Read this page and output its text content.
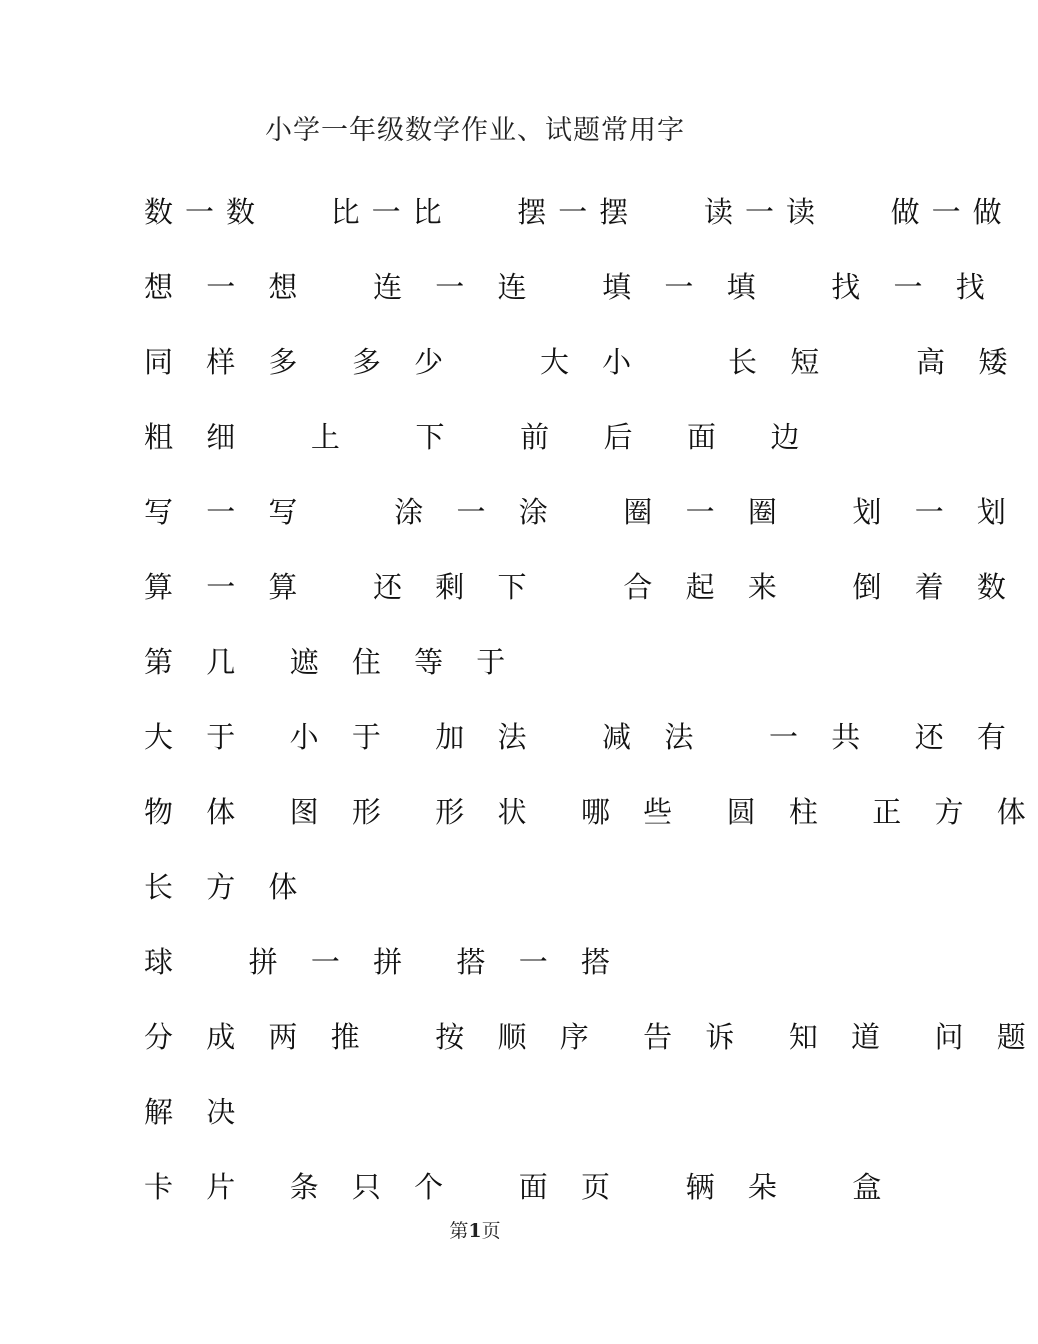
小学一年级数学作业、试题常用字
数一数   比一比   摆一摆   读一读   做一做
想 一 想   连 一 连   填 一 填   找 一 找
同 样 多  多 少    大 小    长 短    高 矮
粗 细   上   下   前  后  面  边
写 一 写    涂 一 涂   圈 一 圈   划 一 划
算 一 算   还 剩 下    合 起 来   倒 着 数
第 几  遮 住 等 于
大 于  小 于  加 法   减 法   一 共  还 有
物 体  图 形  形 状  哪 些  圆 柱  正 方 体
长 方 体
球   拼 一 拼  搭 一 搭
分 成 两 推   按 顺 序  告 诉  知 道  问 题
解 决
卡 片  条 只 个   面 页   辆 朵   盒
第1页
